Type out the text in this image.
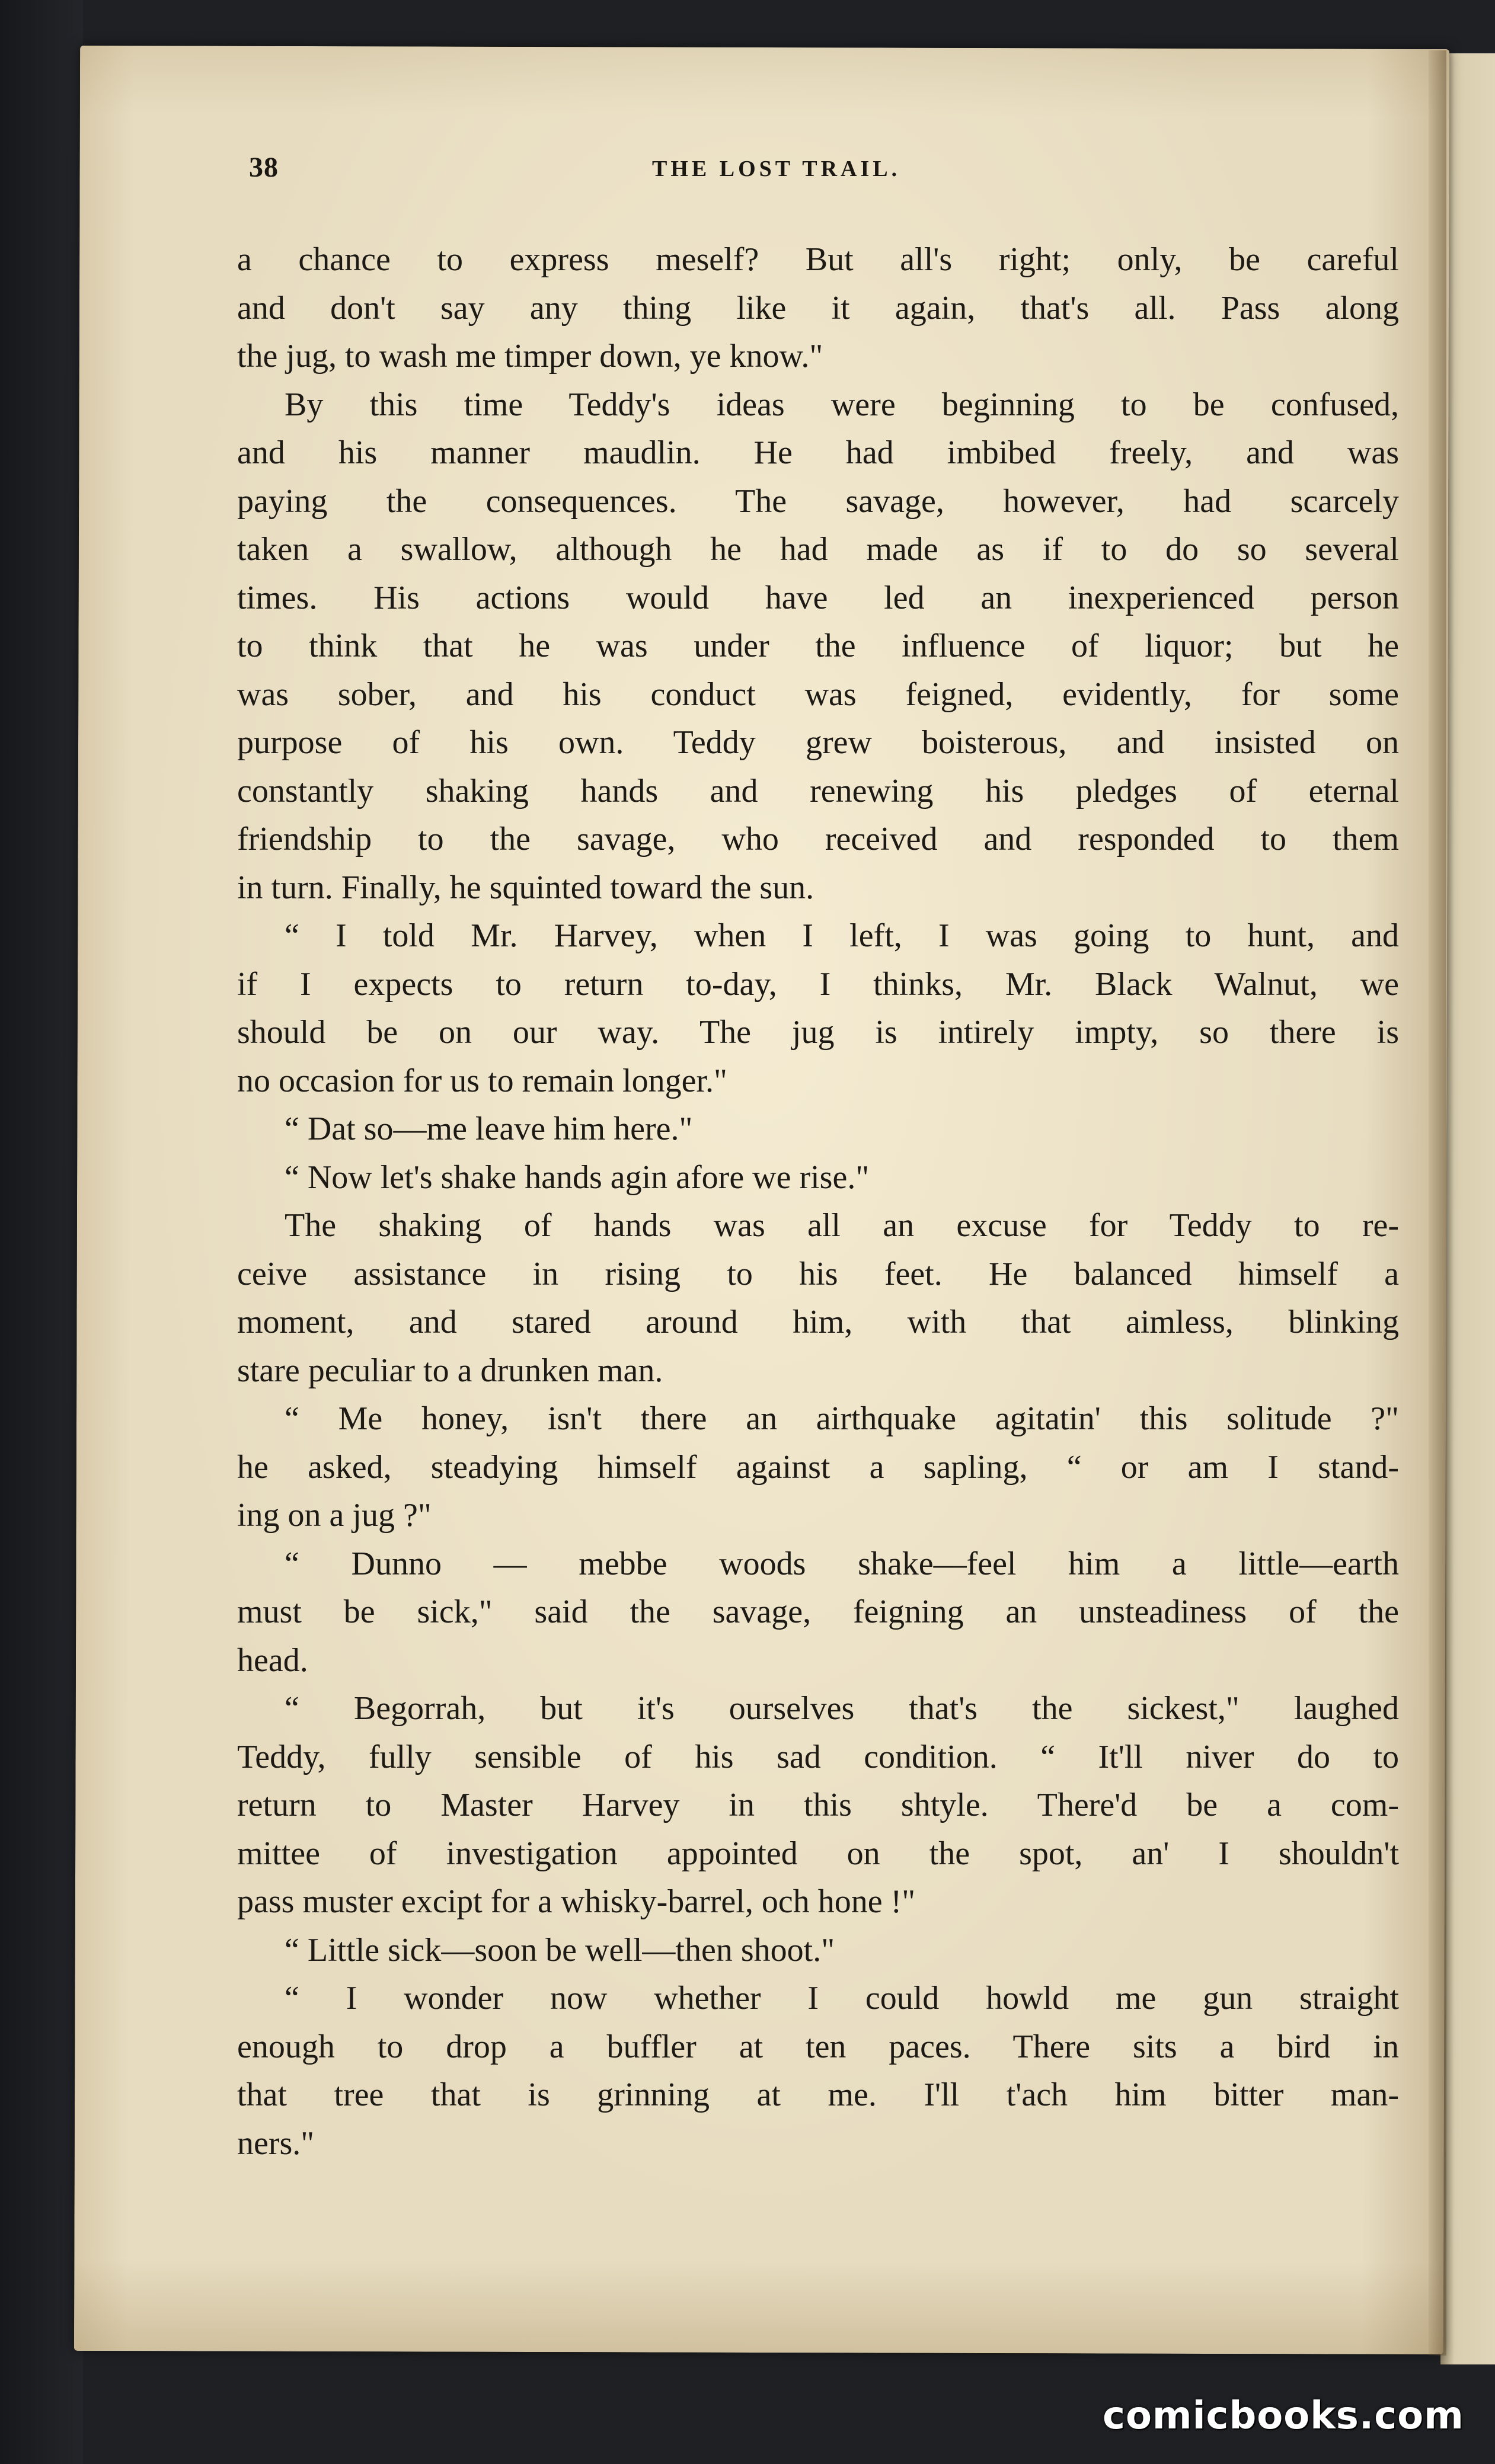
38	THE LOST TRAIL.
a chance to express meself? But all's right; only, be careful
and don't say any thing like it again, that's all. Pass along
the jug, to wash me timper down, ye know."
By this time Teddy's ideas were beginning to be confused,
and his manner maudlin. He had imbibed freely, and was
paying the consequences. The savage, however, had scarcely
taken a swallow, although he had made as if to do so several
times. His actions would have led an inexperienced person
to think that he was under the influence of liquor; but he
was sober, and his conduct was feigned, evidently, for some
purpose of his own. Teddy grew boisterous, and insisted on
constantly shaking hands and renewing his pledges of eternal
friendship to the savage, who received and responded to them
in turn. Finally, he squinted toward the sun.
“ I told Mr. Harvey, when I left, I was going to hunt, and
if I expects to return to-day, I thinks, Mr. Black Walnut, we
should be on our way. The jug is intirely impty, so there is
no occasion for us to remain longer."
“ Dat so—me leave him here."
“ Now let's shake hands agin afore we rise."
The shaking of hands was all an excuse for Teddy to re-
ceive assistance in rising to his feet. He balanced himself a
moment, and stared around him, with that aimless, blinking
stare peculiar to a drunken man.
“ Me honey, isn't there an airthquake agitatin' this solitude ?"
he asked, steadying himself against a sapling, “ or am I stand-
ing on a jug ?"
“ Dunno — mebbe woods shake—feel him a little—earth
must be sick," said the savage, feigning an unsteadiness of the
head.
“ Begorrah, but it's ourselves that's the sickest," laughed
Teddy, fully sensible of his sad condition. “ It'll niver do to
return to Master Harvey in this shtyle. There'd be a com-
mittee of investigation appointed on the spot, an' I shouldn't
pass muster excipt for a whisky-barrel, och hone !"
“ Little sick—soon be well—then shoot."
“ I wonder now whether I could howld me gun straight
enough to drop a buffler at ten paces. There sits a bird in
that tree that is grinning at me. I'll t'ach him bitter man-
ners."
comicbooks.com
